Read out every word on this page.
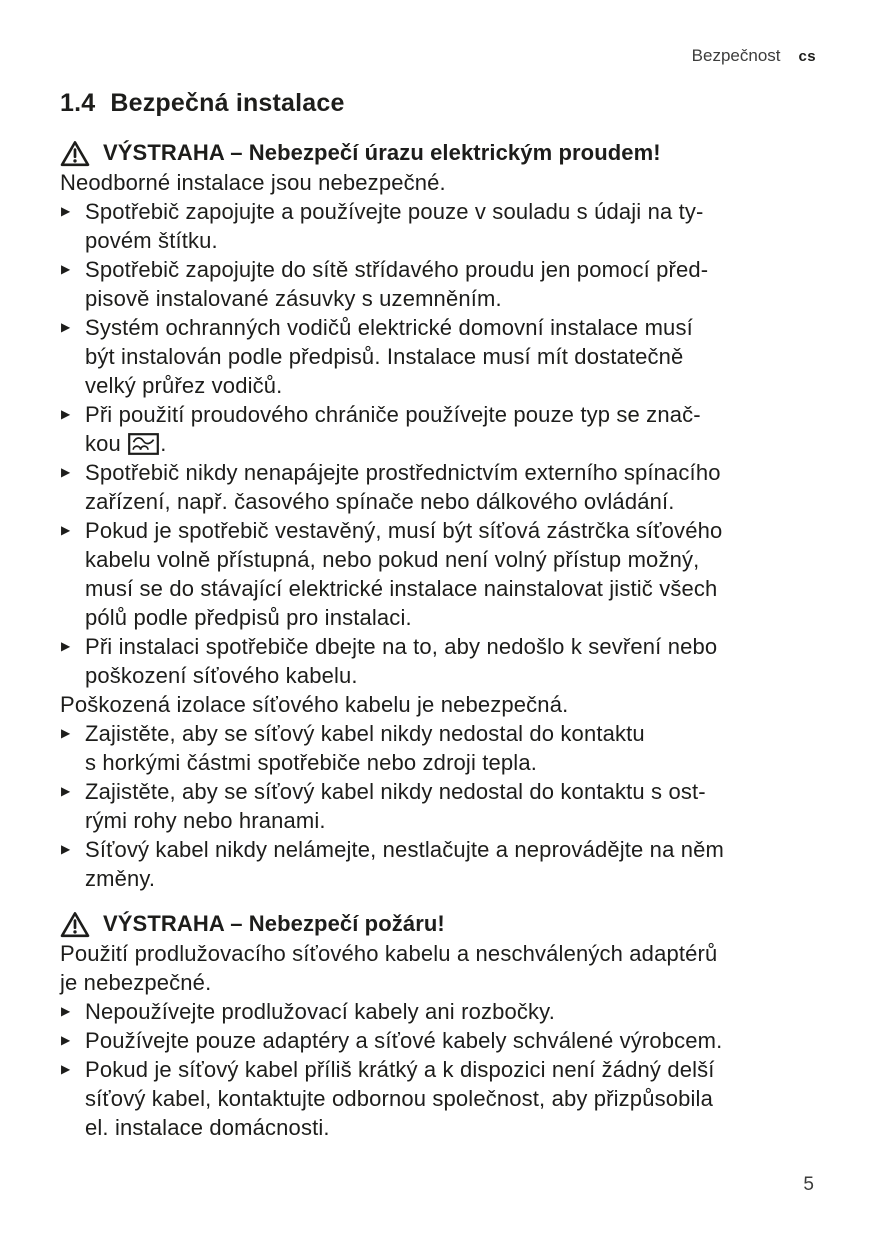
Bezpečnost cs
1.4 Bezpečná instalace
VÝSTRAHA – Nebezpečí úrazu elektrickým proudem!
Neodborné instalace jsou nebezpečné.
▶ Spotřebič zapojujte a používejte pouze v souladu s údaji na ty-
povém štítku.
▶ Spotřebič zapojujte do sítě střídavého proudu jen pomocí před-
pisově instalované zásuvky s uzemněním.
▶ Systém ochranných vodičů elektrické domovní instalace musí
být instalován podle předpisů. Instalace musí mít dostatečně
velký průřez vodičů.
▶ Při použití proudového chrániče používejte pouze typ se znač-
kou .
▶ Spotřebič nikdy nenapájejte prostřednictvím externího spínacího
zařízení, např. časového spínače nebo dálkového ovládání.
▶ Pokud je spotřebič vestavěný, musí být síťová zástrčka síťového
kabelu volně přístupná, nebo pokud není volný přístup možný,
musí se do stávající elektrické instalace nainstalovat jistič všech
pólů podle předpisů pro instalaci.
▶ Při instalaci spotřebiče dbejte na to, aby nedošlo k sevření nebo
poškození síťového kabelu.
Poškozená izolace síťového kabelu je nebezpečná.
▶ Zajistěte, aby se síťový kabel nikdy nedostal do kontaktu
s horkými částmi spotřebiče nebo zdroji tepla.
▶ Zajistěte, aby se síťový kabel nikdy nedostal do kontaktu s ost-
rými rohy nebo hranami.
▶ Síťový kabel nikdy nelámejte, nestlačujte a neprovádějte na něm
změny.
VÝSTRAHA – Nebezpečí požáru!
Použití prodlužovacího síťového kabelu a neschválených adaptérů
je nebezpečné.
▶ Nepoužívejte prodlužovací kabely ani rozbočky.
▶ Používejte pouze adaptéry a síťové kabely schválené výrobcem.
▶ Pokud je síťový kabel příliš krátký a k dispozici není žádný delší
síťový kabel, kontaktujte odbornou společnost, aby přizpůsobila
el. instalace domácnosti.
5
